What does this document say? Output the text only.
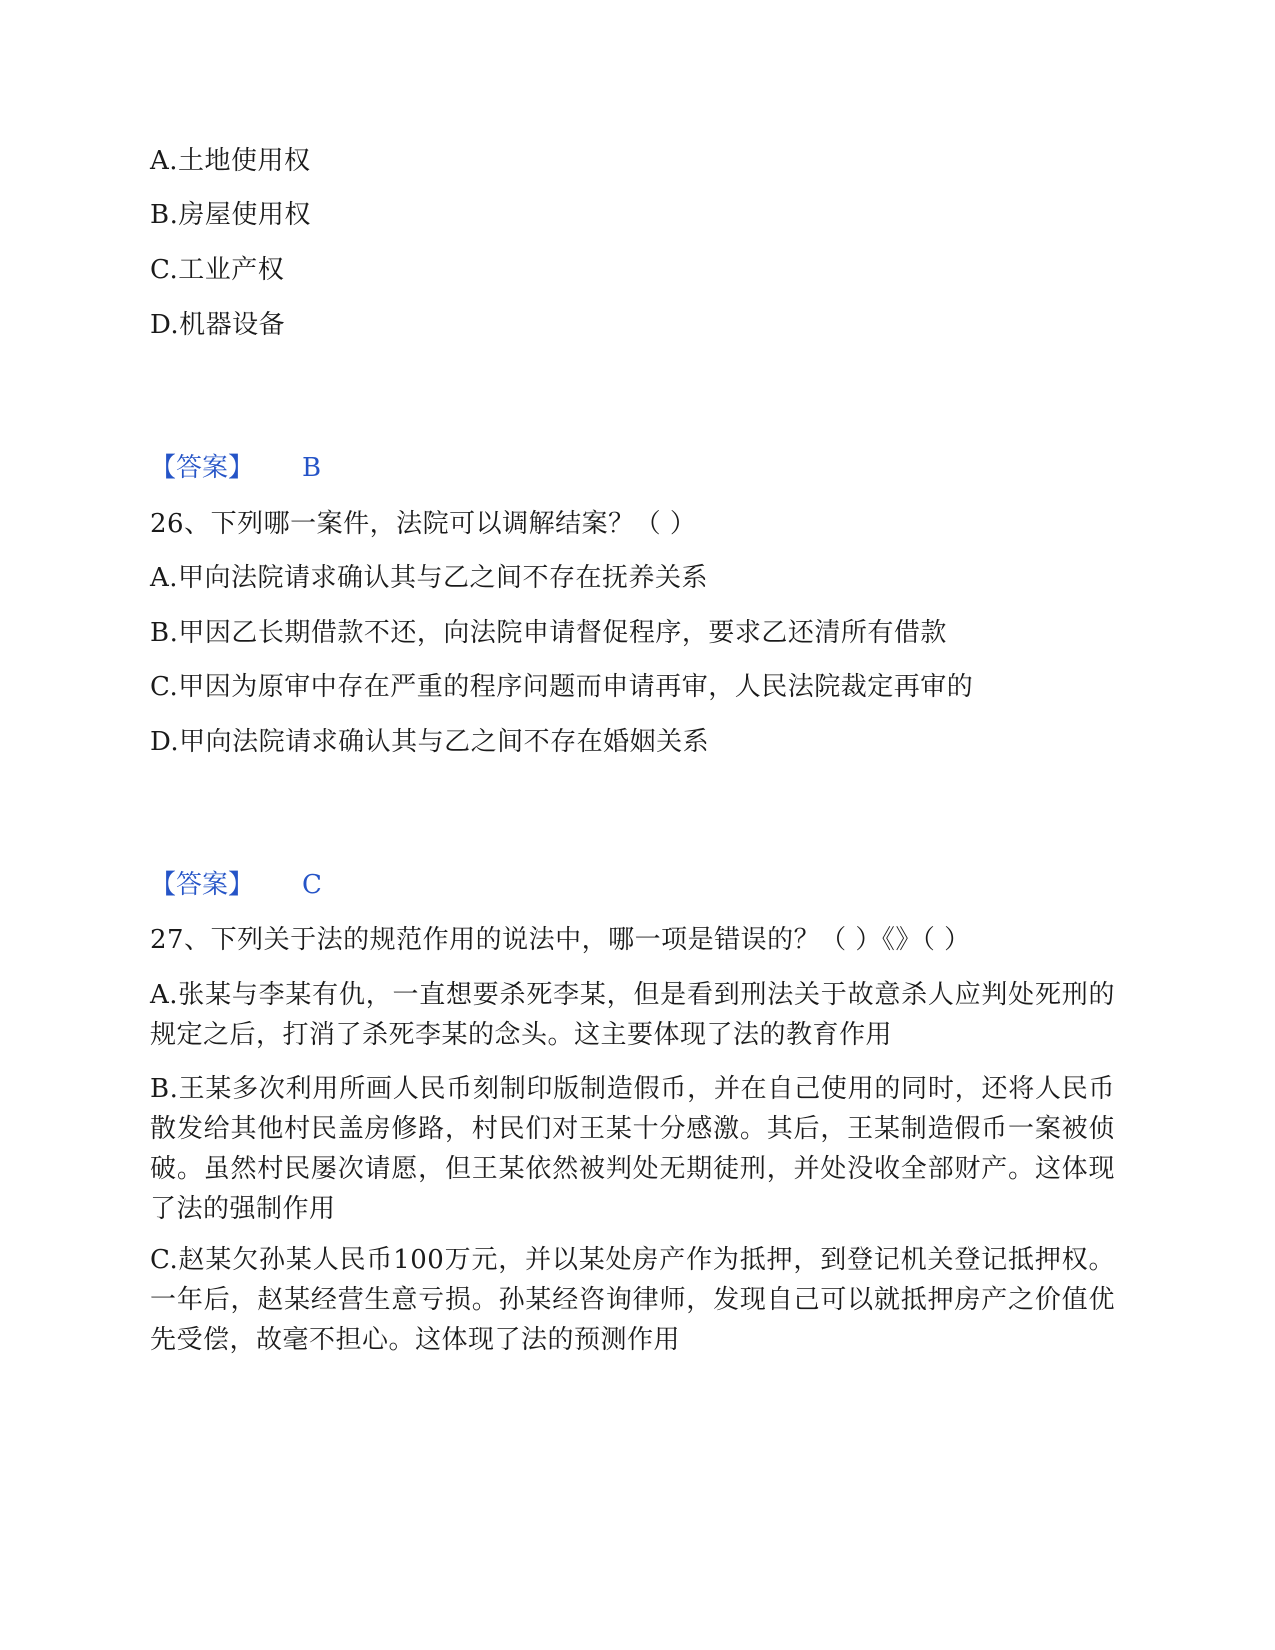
A.土地使用权
B.房屋使用权
C.工业产权
D.机器设备
【答案】 B
26、下列哪一案件，法院可以调解结案？（ ）
A.甲向法院请求确认其与乙之间不存在抚养关系
B.甲因乙长期借款不还，向法院申请督促程序，要求乙还清所有借款
C.甲因为原审中存在严重的程序问题而申请再审，人民法院裁定再审的
D.甲向法院请求确认其与乙之间不存在婚姻关系
【答案】 C
27、下列关于法的规范作用的说法中，哪一项是错误的？（ ）《》（ ）
A.张某与李某有仇，一直想要杀死李某，但是看到刑法关于故意杀人应判处死刑的规定之后，打消了杀死李某的念头。这主要体现了法的教育作用
B.王某多次利用所画人民币刻制印版制造假币，并在自己使用的同时，还将人民币散发给其他村民盖房修路，村民们对王某十分感激。其后，王某制造假币一案被侦破。虽然村民屡次请愿，但王某依然被判处无期徒刑，并处没收全部财产。这体现了法的强制作用
C.赵某欠孙某人民币100万元，并以某处房产作为抵押，到登记机关登记抵押权。一年后，赵某经营生意亏损。孙某经咨询律师，发现自己可以就抵押房产之价值优先受偿，故毫不担心。这体现了法的预测作用
